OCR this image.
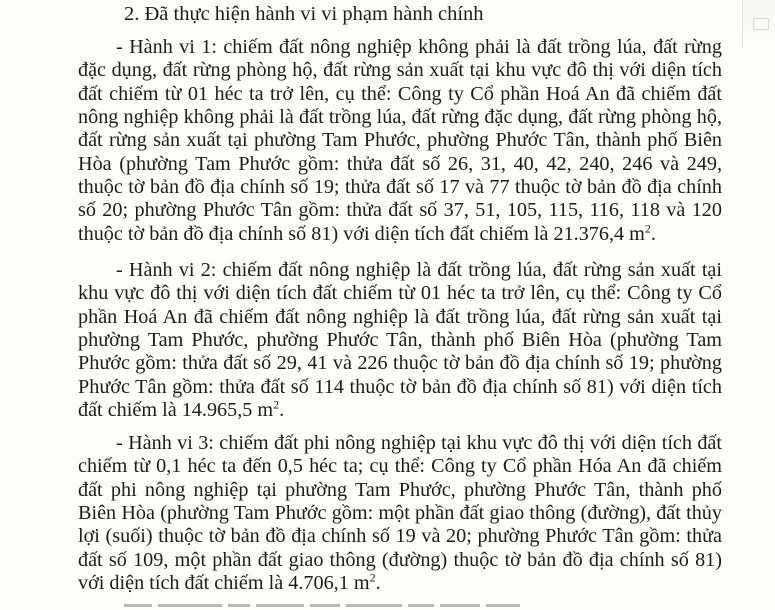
2. Đã thực hiện hành vi vi phạm hành chính

- Hành vi 1: chiếm đất nông nghiệp không phải là đất trồng lúa, đất rừng đặc dụng, đất rừng phòng hộ, đất rừng sản xuất tại khu vực đô thị với diện tích đất chiếm từ 01 héc ta trở lên, cụ thể: Công ty Cổ phần Hoá An đã chiếm đất nông nghiệp không phải là đất trồng lúa, đất rừng đặc dụng, đất rừng phòng hộ, đất rừng sản xuất tại phường Tam Phước, phường Phước Tân, thành phố Biên Hòa (phường Tam Phước gồm: thửa đất số 26, 31, 40, 42, 240, 246 và 249, thuộc tờ bản đồ địa chính số 19; thửa đất số 17 và 77 thuộc tờ bản đồ địa chính số 20; phường Phước Tân gồm: thửa đất số 37, 51, 105, 115, 116, 118 và 120 thuộc tờ bản đồ địa chính số 81) với diện tích đất chiếm là 21.376,4 $m^2$.

- Hành vi 2: chiếm đất nông nghiệp là đất trồng lúa, đất rừng sản xuất tại khu vực đô thị với diện tích đất chiếm từ 01 héc ta trở lên, cụ thể: Công ty Cổ phần Hoá An đã chiếm đất nông nghiệp là đất trồng lúa, đất rừng sản xuất tại phường Tam Phước, phường Phước Tân, thành phố Biên Hòa (phường Tam Phước gồm: thửa đất số 29, 41 và 226 thuộc tờ bản đồ địa chính số 19; phường Phước Tân gồm: thửa đất số 114 thuộc tờ bản đồ địa chính số 81) với diện tích đất chiếm là 14.965,5 $m^2$.

- Hành vi 3: chiếm đất phi nông nghiệp tại khu vực đô thị với diện tích đất chiếm từ 0,1 héc ta đến 0,5 héc ta; cụ thể: Công ty Cổ phần Hóa An đã chiếm đất phi nông nghiệp tại phường Tam Phước, phường Phước Tân, thành phố Biên Hòa (phường Tam Phước gồm: một phần đất giao thông (đường), đất thủy lợi (suối) thuộc tờ bản đồ địa chính số 19 và 20; phường Phước Tân gồm: thửa đất số 109, một phần đất giao thông (đường) thuộc tờ bản đồ địa chính số 81) với diện tích đất chiếm là 4.706,1 $m^2$.
